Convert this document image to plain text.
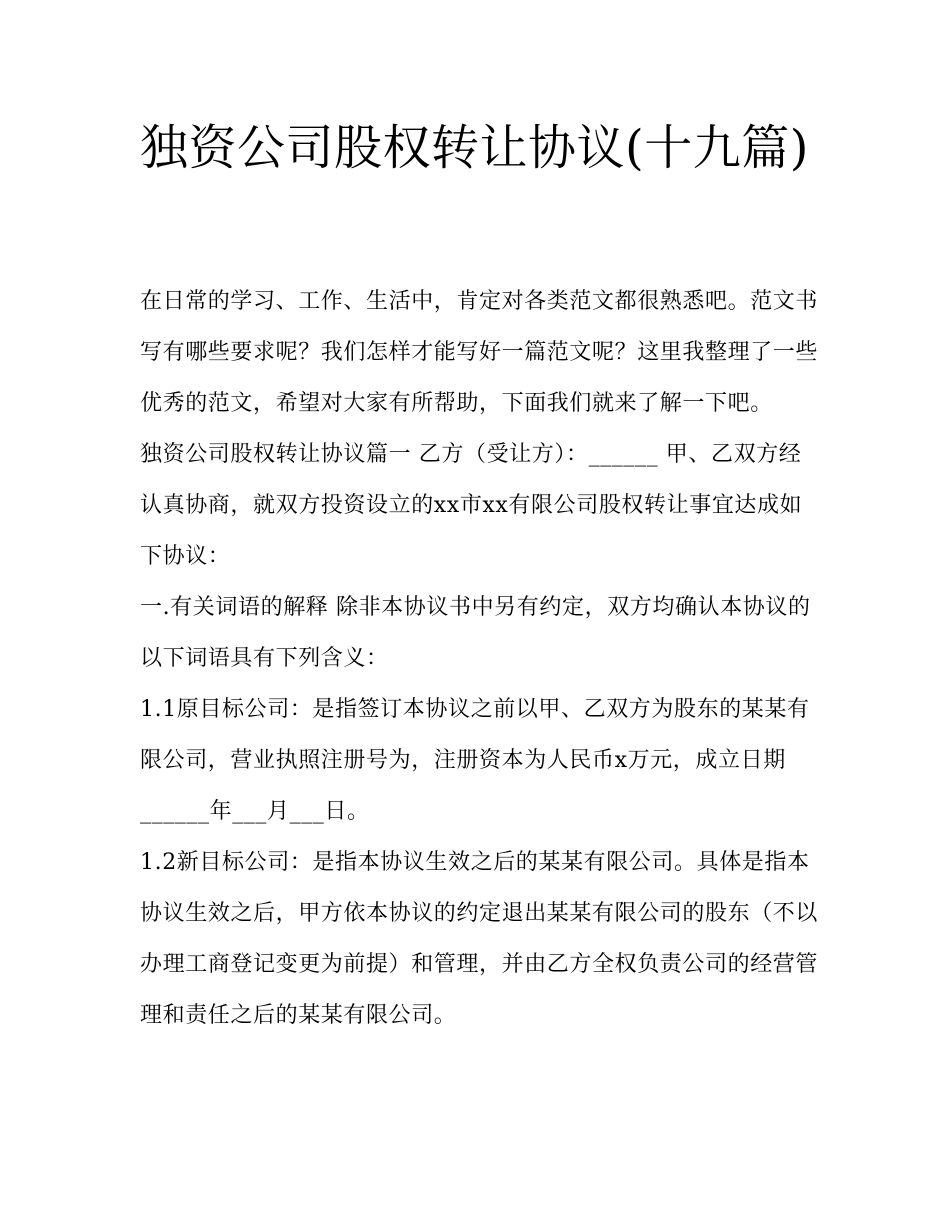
独资公司股权转让协议(十九篇)

在日常的学习、工作、生活中，肯定对各类范文都很熟悉吧。范文书写有哪些要求呢？我们怎样才能写好一篇范文呢？这里我整理了一些优秀的范文，希望对大家有所帮助，下面我们就来了解一下吧。

独资公司股权转让协议篇一 乙方（受让方）：______ 甲、乙双方经认真协商，就双方投资设立的xx市xx有限公司股权转让事宜达成如下协议：

一.有关词语的解释 除非本协议书中另有约定，双方均确认本协议的以下词语具有下列含义：

1.1原目标公司：是指签订本协议之前以甲、乙双方为股东的某某有限公司，营业执照注册号为，注册资本为人民币x万元，成立日期______年___月___日。

1.2新目标公司：是指本协议生效之后的某某有限公司。具体是指本协议生效之后，甲方依本协议的约定退出某某有限公司的股东（不以办理工商登记变更为前提）和管理，并由乙方全权负责公司的经营管理和责任之后的某某有限公司。
